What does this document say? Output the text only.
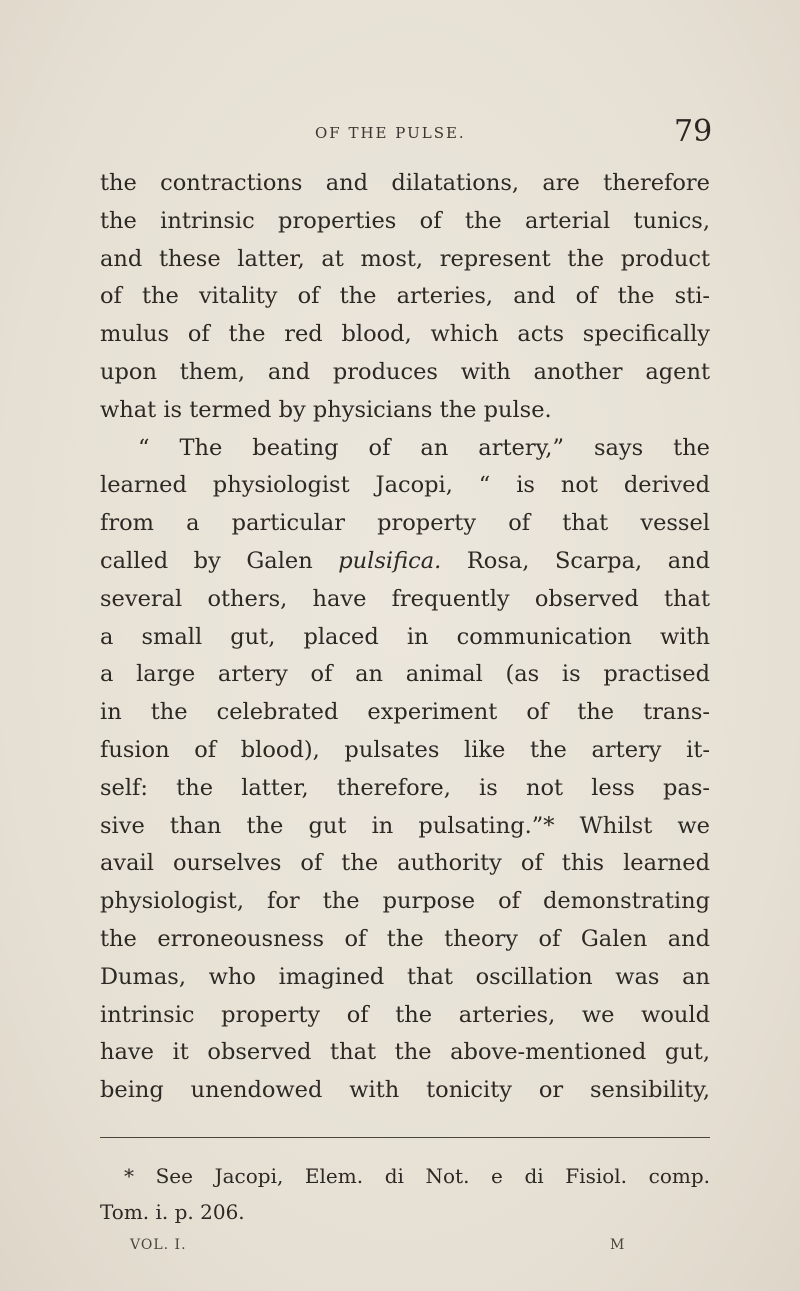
OF THE PULSE.	79
the contractions and dilatations, are therefore
the intrinsic properties of the arterial tunics,
and these latter, at most, represent the product
of the vitality of the arteries, and of the sti-
mulus of the red blood, which acts specifically
upon them, and produces with another agent
what is termed by physicians the pulse.
“ The beating of an artery,” says the
learned physiologist Jacopi, “ is not derived
from a particular property of that vessel
called by Galen pulsifica. Rosa, Scarpa, and
several others, have frequently observed that
a small gut, placed in communication with
a large artery of an animal (as is practised
in the celebrated experiment of the trans-
fusion of blood), pulsates like the artery it-
self: the latter, therefore, is not less pas-
sive than the gut in pulsating.”* Whilst we
avail ourselves of the authority of this learned
physiologist, for the purpose of demonstrating
the erroneousness of the theory of Galen and
Dumas, who imagined that oscillation was an
intrinsic property of the arteries, we would
have it observed that the above-mentioned gut,
being unendowed with tonicity or sensibility,
* See Jacopi, Elem. di Not. e di Fisiol. comp.
Tom. i. p. 206.
VOL. I.	M
